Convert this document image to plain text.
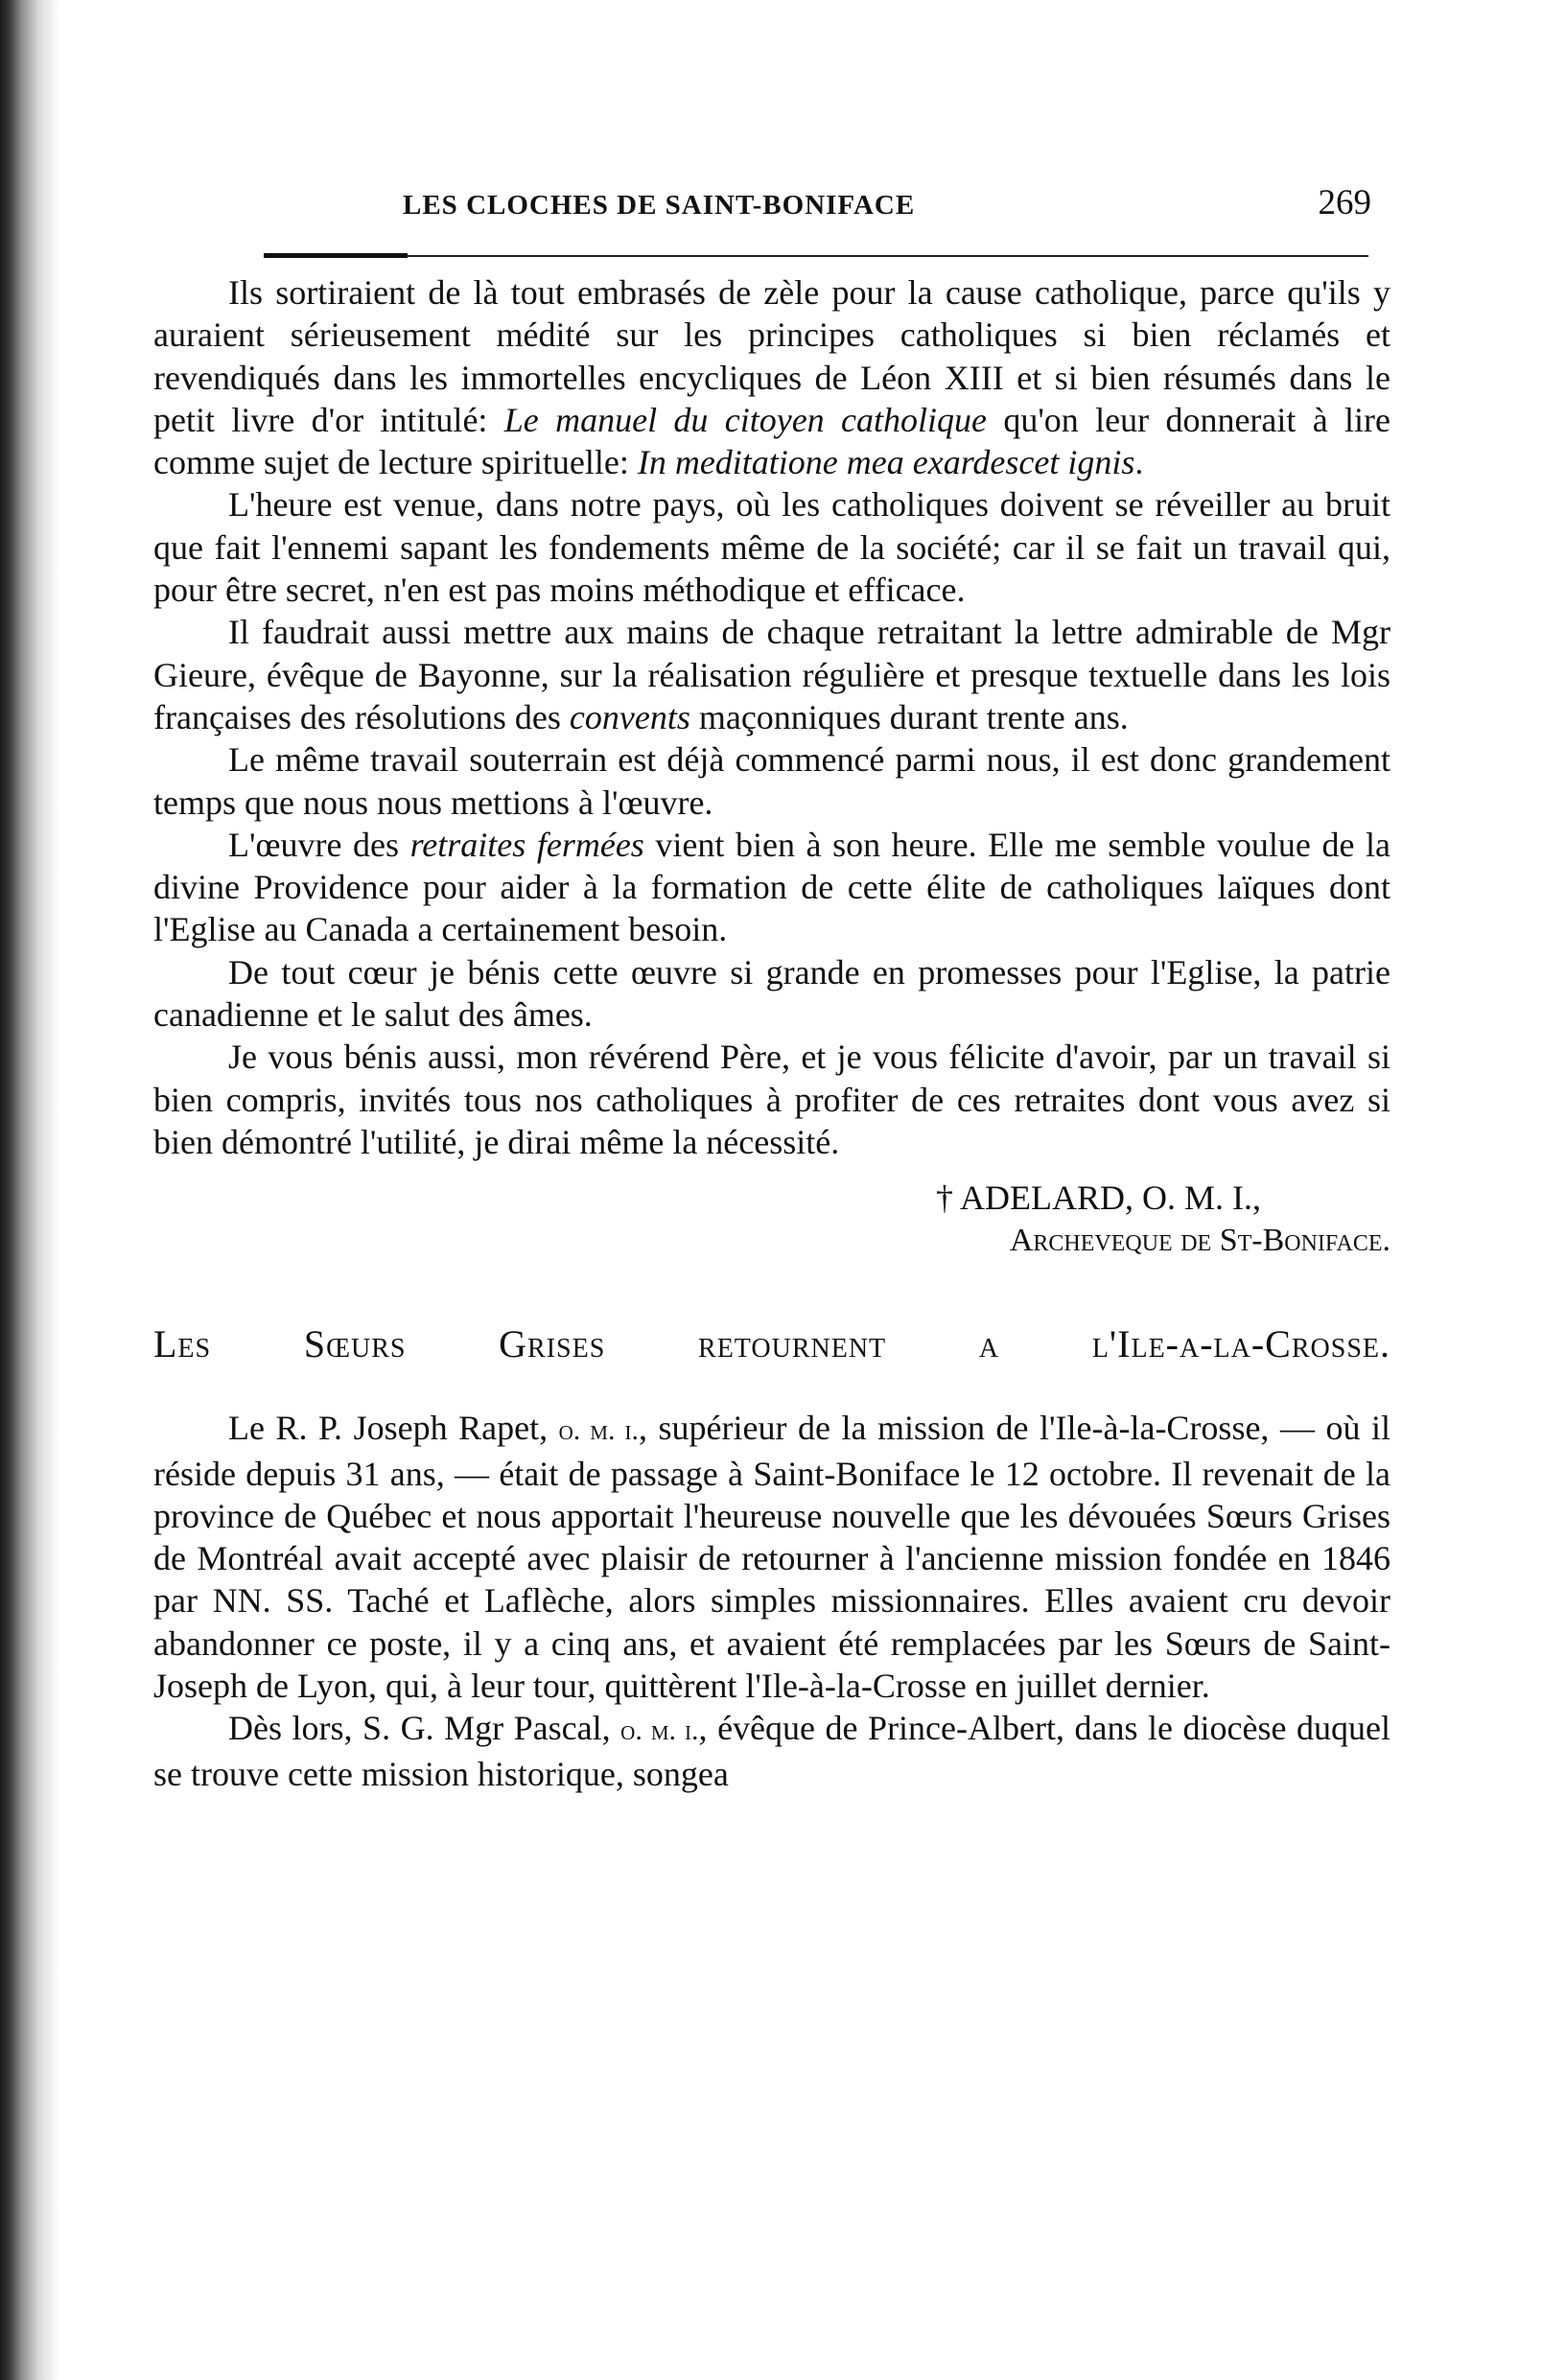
LES CLOCHES DE SAINT-BONIFACE	269

Ils sortiraient de là tout embrasés de zèle pour la cause catholique, parce qu'ils y auraient sérieusement médité sur les principes catholiques si bien réclamés et revendiqués dans les immortelles encycliques de Léon XIII et si bien résumés dans le petit livre d'or intitulé: Le manuel du citoyen catholique qu'on leur donnerait à lire comme sujet de lecture spirituelle: In meditatione mea exardescet ignis.

L'heure est venue, dans notre pays, où les catholiques doivent se réveiller au bruit que fait l'ennemi sapant les fondements même de la société; car il se fait un travail qui, pour être secret, n'en est pas moins méthodique et efficace.

Il faudrait aussi mettre aux mains de chaque retraitant la lettre admirable de Mgr Gieure, évêque de Bayonne, sur la réalisation régulière et presque textuelle dans les lois françaises des résolutions des convents maçonniques durant trente ans.

Le même travail souterrain est déjà commencé parmi nous, il est donc grandement temps que nous nous mettions à l'œuvre.

L'œuvre des retraites fermées vient bien à son heure. Elle me semble voulue de la divine Providence pour aider à la formation de cette élite de catholiques laïques dont l'Eglise au Canada a certainement besoin.

De tout cœur je bénis cette œuvre si grande en promesses pour l'Eglise, la patrie canadienne et le salut des âmes.

Je vous bénis aussi, mon révérend Père, et je vous félicite d'avoir, par un travail si bien compris, invités tous nos catholiques à profiter de ces retraites dont vous avez si bien démontré l'utilité, je dirai même la nécessité.

† ADELARD, O. M. I.,
Archeveque de St-Boniface.
Les Sœurs Grises retournent a l'Ile-a-la-Crosse.

Le R. P. Joseph Rapet, o. m. i., supérieur de la mission de l'Ile-à-la-Crosse, — où il réside depuis 31 ans, — était de passage à Saint-Boniface le 12 octobre. Il revenait de la province de Québec et nous apportait l'heureuse nouvelle que les dévouées Sœurs Grises de Montréal avait accepté avec plaisir de retourner à l'ancienne mission fondée en 1846 par NN. SS. Taché et Laflèche, alors simples missionnaires. Elles avaient cru devoir abandonner ce poste, il y a cinq ans, et avaient été remplacées par les Sœurs de Saint-Joseph de Lyon, qui, à leur tour, quittèrent l'Ile-à-la-Crosse en juillet dernier.

Dès lors, S. G. Mgr Pascal, o. m. i., évêque de Prince-Albert, dans le diocèse duquel se trouve cette mission historique, songea
